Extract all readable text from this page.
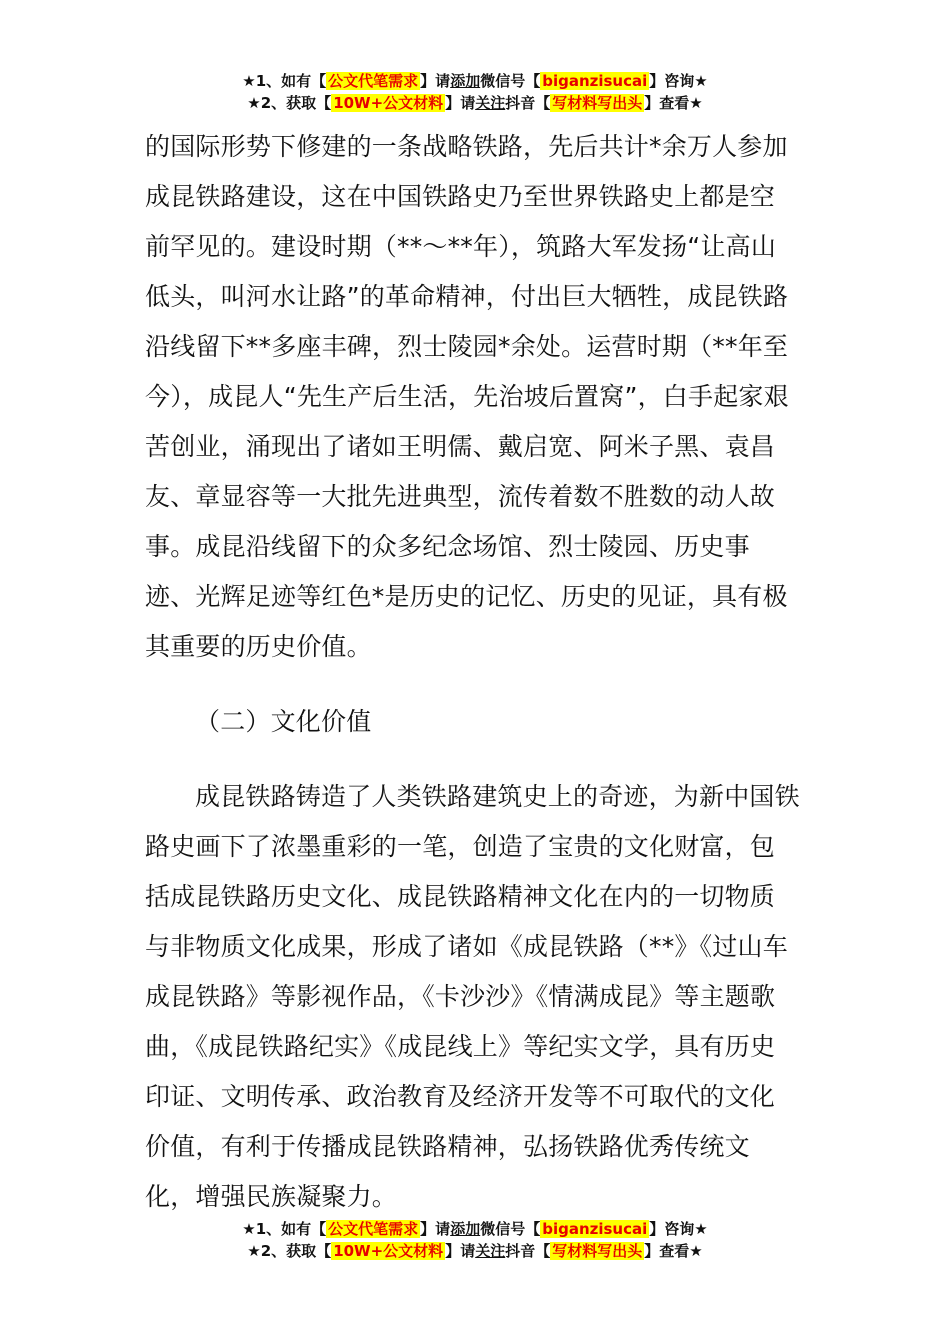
★1、如有【 公文代笔需求 】请添加微信号【 biganzisucai 】咨询★
★2、获取【 10W+公文材料 】请关注抖音【 写材料写出头 】查看★

的国际形势下修建的一条战略铁路，先后共计*余万人参加成昆铁路建设，这在中国铁路史乃至世界铁路史上都是空前罕见的。建设时期（**～**年），筑路大军发扬“让高山低头，叫河水让路”的革命精神，付出巨大牺牲，成昆铁路沿线留下**多座丰碑，烈士陵园*余处。运营时期（**年至今），成昆人“先生产后生活，先治坡后置窝”，白手起家艰苦创业，涌现出了诸如王明儒、戴启宽、阿米子黑、袁昌友、章显容等一大批先进典型，流传着数不胜数的动人故事。成昆沿线留下的众多纪念场馆、烈士陵园、历史事迹、光辉足迹等红色*是历史的记忆、历史的见证，具有极其重要的历史价值。

（二）文化价值

成昆铁路铸造了人类铁路建筑史上的奇迹，为新中国铁路史画下了浓墨重彩的一笔，创造了宝贵的文化财富，包括成昆铁路历史文化、成昆铁路精神文化在内的一切物质与非物质文化成果，形成了诸如《成昆铁路（**》《过山车成昆铁路》等影视作品，《卡沙沙》《情满成昆》等主题歌曲，《成昆铁路纪实》《成昆线上》等纪实文学，具有历史印证、文明传承、政治教育及经济开发等不可取代的文化价值，有利于传播成昆铁路精神，弘扬铁路优秀传统文化，增强民族凝聚力。

★1、如有【 公文代笔需求 】请添加微信号【 biganzisucai 】咨询★
★2、获取【 10W+公文材料 】请关注抖音【 写材料写出头 】查看★
